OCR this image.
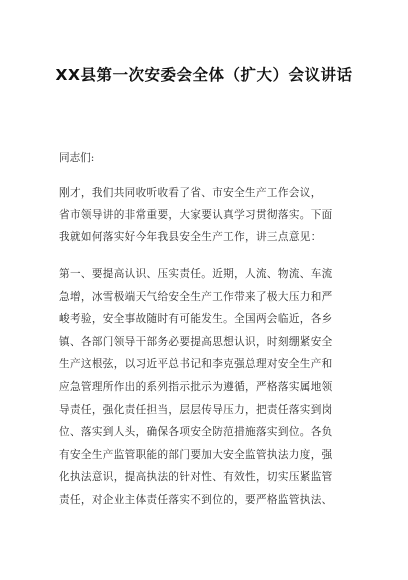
XX县第一次安委会全体（扩大）会议讲话

同志们:

刚才，我们共同收听收看了省、市安全生产工作会议，
省市领导讲的非常重要，大家要认真学习贯彻落实。下面
我就如何落实好今年我县安全生产工作，讲三点意见：
第一、要提高认识、压实责任。近期，人流、物流、车流
急增，冰雪极端天气给安全生产工作带来了极大压力和严
峻考验，安全事故随时有可能发生。全国两会临近，各乡
镇、各部门领导干部务必要提高思想认识，时刻绷紧安全
生产这根弦，以习近平总书记和李克强总理对安全生产和
应急管理所作出的系列指示批示为遵循，严格落实属地领
导责任，强化责任担当，层层传导压力，把责任落实到岗
位、落实到人头，确保各项安全防范措施落实到位。各负
有安全生产监管职能的部门要加大安全监管执法力度，强
化执法意识，提高执法的针对性、有效性，切实压紧监管
责任，对企业主体责任落实不到位的，要严格监管执法、
